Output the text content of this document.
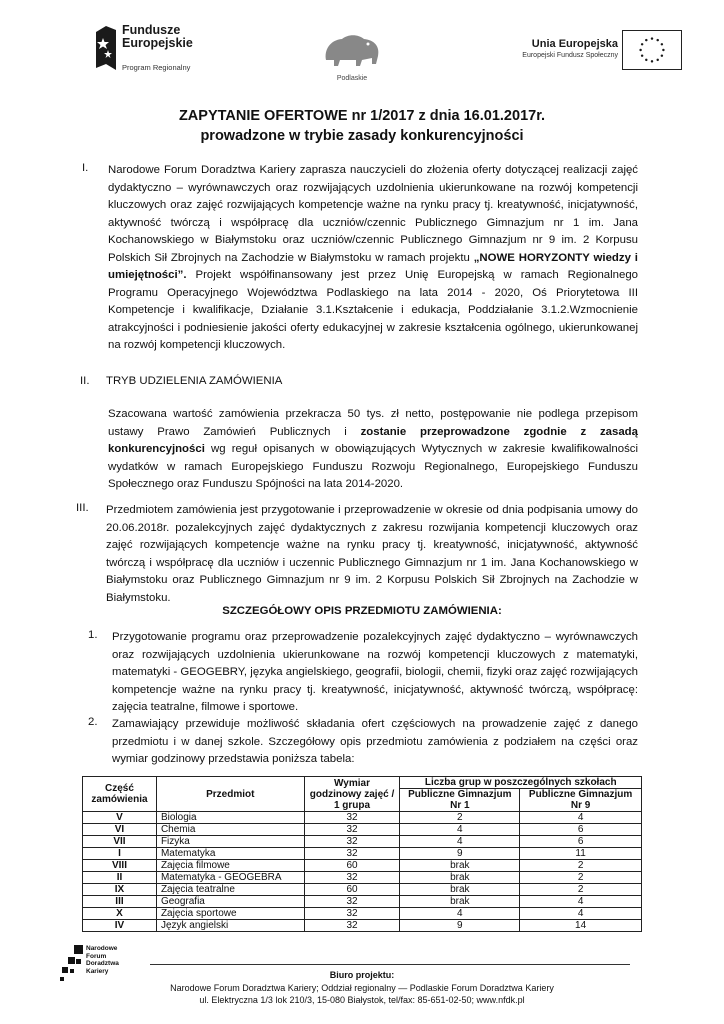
Fundusze
Europejskie
Program Regionalny
Podlaskie
Unia Europejska
Europejski Fundusz Społeczny
ZAPYTANIE OFERTOWE nr 1/2017 z dnia 16.01.2017r.
prowadzone w trybie zasady konkurencyjności
I. Narodowe Forum Doradztwa Kariery zaprasza nauczycieli do złożenia oferty dotyczącej realizacji zajęć dydaktyczno – wyrównawczych oraz rozwijających uzdolnienia ukierunkowane na rozwój kompetencji kluczowych oraz zajęć rozwijających kompetencje ważne na rynku pracy tj. kreatywność, inicjatywność, aktywność twórczą i współpracę dla uczniów/czennic Publicznego Gimnazjum nr 1 im. Jana Kochanowskiego w Białymstoku oraz uczniów/czennic Publicznego Gimnazjum nr 9 im. 2 Korpusu Polskich Sił Zbrojnych na Zachodzie w Białymstoku w ramach projektu „NOWE HORYZONTY wiedzy i umiejętności”. Projekt współfinansowany jest przez Unię Europejską w ramach Regionalnego Programu Operacyjnego Województwa Podlaskiego na lata 2014 - 2020, Oś Priorytetowa III Kompetencje i kwalifikacje, Działanie 3.1.Kształcenie i edukacja, Poddziałanie 3.1.2.Wzmocnienie atrakcyjności i podniesienie jakości oferty edukacyjnej w zakresie kształcenia ogólnego, ukierunkowanej na rozwój kompetencji kluczowych.
II. TRYB UDZIELENIA ZAMÓWIENIA
Szacowana wartość zamówienia przekracza 50 tys. zł netto, postępowanie nie podlega przepisom ustawy Prawo Zamówień Publicznych i zostanie przeprowadzone zgodnie z zasadą konkurencyjności wg reguł opisanych w obowiązujących Wytycznych w zakresie kwalifikowalności wydatków w ramach Europejskiego Funduszu Rozwoju Regionalnego, Europejskiego Funduszu Społecznego oraz Funduszu Spójności na lata 2014-2020.
III. Przedmiotem zamówienia jest przygotowanie i przeprowadzenie w okresie od dnia podpisania umowy do 20.06.2018r. pozalekcyjnych zajęć dydaktycznych z zakresu rozwijania kompetencji kluczowych oraz zajęć rozwijających kompetencje ważne na rynku pracy tj. kreatywność, inicjatywność, aktywność twórczą i współpracę dla uczniów i uczennic Publicznego Gimnazjum nr 1 im. Jana Kochanowskiego w Białymstoku oraz Publicznego Gimnazjum nr 9 im. 2 Korpusu Polskich Sił Zbrojnych na Zachodzie w Białymstoku.
SZCZEGÓŁOWY OPIS PRZEDMIOTU ZAMÓWIENIA:
1. Przygotowanie programu oraz przeprowadzenie pozalekcyjnych zajęć dydaktyczno – wyrównawczych oraz rozwijających uzdolnienia ukierunkowane na rozwój kompetencji kluczowych z matematyki, matematyki - GEOGEBRY, języka angielskiego, geografii, biologii, chemii, fizyki oraz zajęć rozwijających kompetencje ważne na rynku pracy tj. kreatywność, inicjatywność, aktywność twórczą, współpracę: zajęcia teatralne, filmowe i sportowe.
2. Zamawiający przewiduje możliwość składania ofert częściowych na prowadzenie zajęć z danego przedmiotu i w danej szkole. Szczegółowy opis przedmiotu zamówienia z podziałem na części oraz wymiar godzinowy przedstawia poniższa tabela:
Część zamówienia	Przedmiot	Wymiar godzinowy zajęć / 1 grupa	Liczba grup w poszczególnych szkołach	
			Publiczne Gimnazjum Nr 1	Publiczne Gimnazjum Nr 9
V	Biologia	32	2	4
VI	Chemia	32	4	6
VII	Fizyka	32	4	6
I	Matematyka	32	9	11
VIII	Zajęcia filmowe	60	brak	2
II	Matematyka - GEOGEBRA	32	brak	2
IX	Zajęcia teatralne	60	brak	2
III	Geografia	32	brak	4
X	Zajęcia sportowe	32	4	4
IV	Język angielski	32	9	14
Narodowe
Forum
Doradztwa
Kariery	Biuro projektu:
Narodowe Forum Doradztwa Kariery; Oddział regionalny — Podlaskie Forum Doradztwa Kariery
ul. Elektryczna 1/3 lok 210/3, 15-080 Białystok, tel/fax: 85-651-02-50; www.nfdk.pl
